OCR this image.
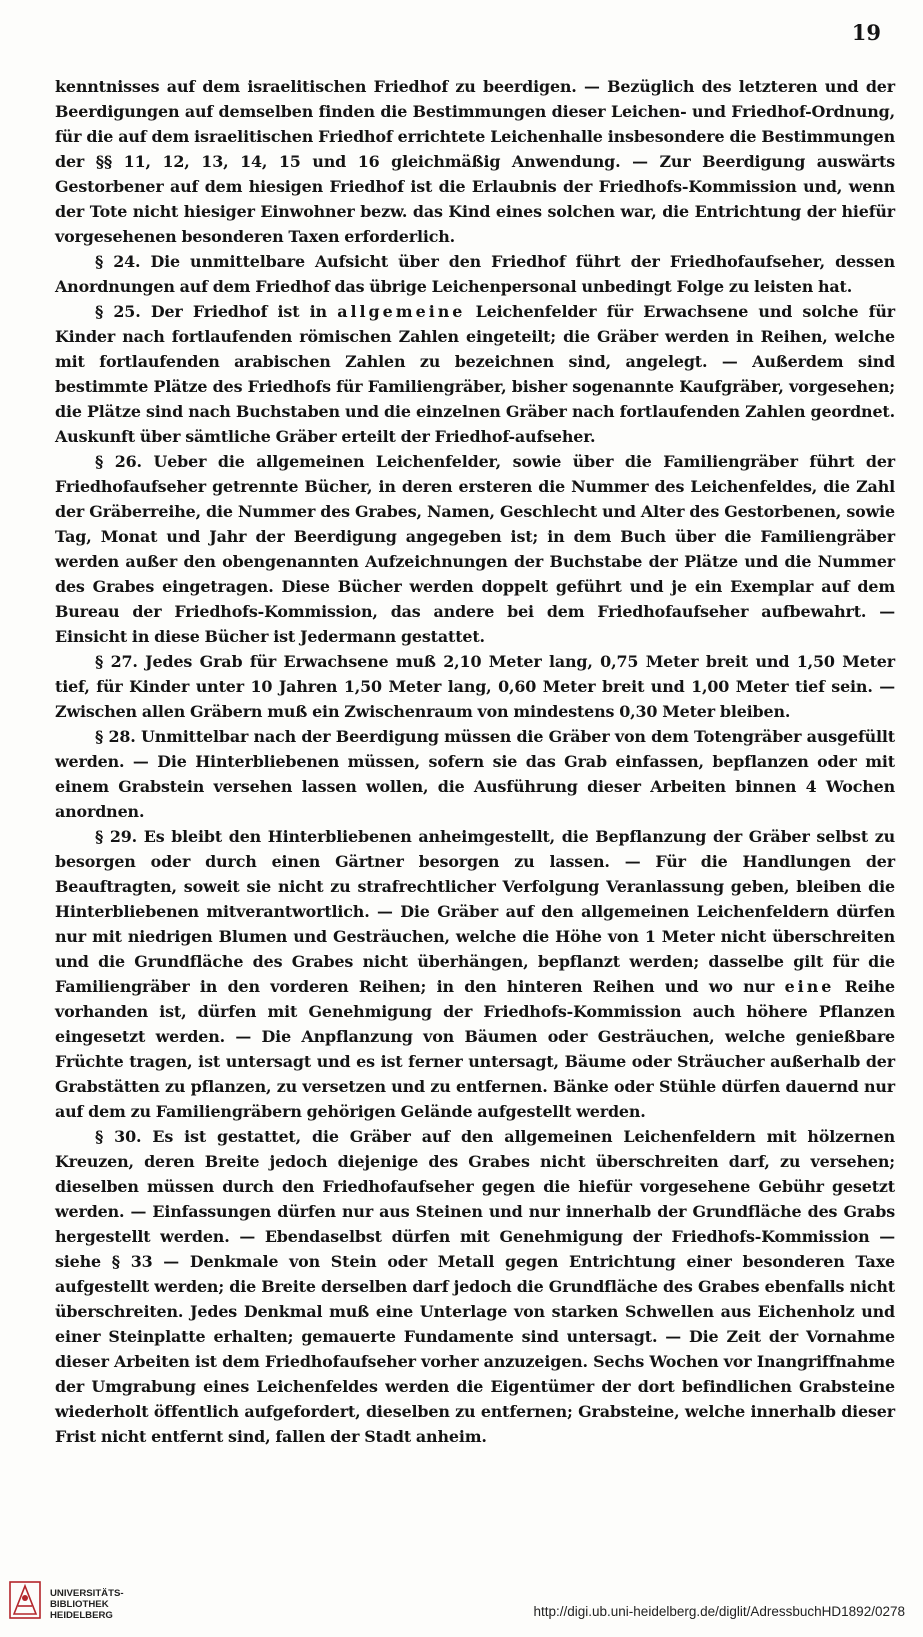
19

kenntnisses auf dem israelitischen Friedhof zu beerdigen. — Bezüglich des letzteren und der Beerdigungen auf demselben finden die Bestimmungen dieser Leichen- und Friedhof-Ordnung, für die auf dem israelitischen Friedhof errichtete Leichenhalle insbesondere die Bestimmungen der §§ 11, 12, 13, 14, 15 und 16 gleichmäßig Anwendung. — Zur Beerdigung auswärts Gestorbener auf dem hiesigen Friedhof ist die Erlaubnis der Friedhofs-Kommission und, wenn der Tote nicht hiesiger Einwohner bezw. das Kind eines solchen war, die Entrichtung der hiefür vorgesehenen besonderen Taxen erforderlich.

§ 24. Die unmittelbare Aufsicht über den Friedhof führt der Friedhofaufseher, dessen Anordnungen auf dem Friedhof das übrige Leichenpersonal unbedingt Folge zu leisten hat.

§ 25. Der Friedhof ist in allgemeine Leichenfelder für Erwachsene und solche für Kinder nach fortlaufenden römischen Zahlen eingeteilt; die Gräber werden in Reihen, welche mit fortlaufenden arabischen Zahlen zu bezeichnen sind, angelegt. — Außerdem sind bestimmte Plätze des Friedhofs für Familiengräber, bisher sogenannte Kaufgräber, vorgesehen; die Plätze sind nach Buchstaben und die einzelnen Gräber nach fortlaufenden Zahlen geordnet. Auskunft über sämtliche Gräber erteilt der Friedhof-aufseher.

§ 26. Ueber die allgemeinen Leichenfelder, sowie über die Familiengräber führt der Friedhofaufseher getrennte Bücher, in deren ersteren die Nummer des Leichenfeldes, die Zahl der Gräberreihe, die Nummer des Grabes, Namen, Geschlecht und Alter des Gestorbenen, sowie Tag, Monat und Jahr der Beerdigung angegeben ist; in dem Buch über die Familiengräber werden außer den obengenannten Aufzeichnungen der Buchstabe der Plätze und die Nummer des Grabes eingetragen. Diese Bücher werden doppelt geführt und je ein Exemplar auf dem Bureau der Friedhofs-Kommission, das andere bei dem Friedhofaufseher aufbewahrt. — Einsicht in diese Bücher ist Jedermann gestattet.

§ 27. Jedes Grab für Erwachsene muß 2,10 Meter lang, 0,75 Meter breit und 1,50 Meter tief, für Kinder unter 10 Jahren 1,50 Meter lang, 0,60 Meter breit und 1,00 Meter tief sein. — Zwischen allen Gräbern muß ein Zwischenraum von mindestens 0,30 Meter bleiben.

§ 28. Unmittelbar nach der Beerdigung müssen die Gräber von dem Totengräber ausgefüllt werden. — Die Hinterbliebenen müssen, sofern sie das Grab einfassen, bepflanzen oder mit einem Grabstein versehen lassen wollen, die Ausführung dieser Arbeiten binnen 4 Wochen anordnen.

§ 29. Es bleibt den Hinterbliebenen anheimgestellt, die Bepflanzung der Gräber selbst zu besorgen oder durch einen Gärtner besorgen zu lassen. — Für die Handlungen der Beauftragten, soweit sie nicht zu strafrechtlicher Verfolgung Veranlassung geben, bleiben die Hinterbliebenen mitverantwortlich. — Die Gräber auf den allgemeinen Leichenfeldern dürfen nur mit niedrigen Blumen und Gesträuchen, welche die Höhe von 1 Meter nicht überschreiten und die Grundfläche des Grabes nicht überhängen, bepflanzt werden; dasselbe gilt für die Familiengräber in den vorderen Reihen; in den hinteren Reihen und wo nur eine Reihe vorhanden ist, dürfen mit Genehmigung der Friedhofs-Kommission auch höhere Pflanzen eingesetzt werden. — Die Anpflanzung von Bäumen oder Gesträuchen, welche genießbare Früchte tragen, ist untersagt und es ist ferner untersagt, Bäume oder Sträucher außerhalb der Grabstätten zu pflanzen, zu versetzen und zu entfernen. Bänke oder Stühle dürfen dauernd nur auf dem zu Familiengräbern gehörigen Gelände aufgestellt werden.

§ 30. Es ist gestattet, die Gräber auf den allgemeinen Leichenfeldern mit hölzernen Kreuzen, deren Breite jedoch diejenige des Grabes nicht überschreiten darf, zu versehen; dieselben müssen durch den Friedhofaufseher gegen die hiefür vorgesehene Gebühr gesetzt werden. — Einfassungen dürfen nur aus Steinen und nur innerhalb der Grundfläche des Grabs hergestellt werden. — Ebendaselbst dürfen mit Genehmigung der Friedhofs-Kommission — siehe § 33 — Denkmale von Stein oder Metall gegen Entrichtung einer besonderen Taxe aufgestellt werden; die Breite derselben darf jedoch die Grundfläche des Grabes ebenfalls nicht überschreiten. Jedes Denkmal muß eine Unterlage von starken Schwellen aus Eichenholz und einer Steinplatte erhalten; gemauerte Fundamente sind untersagt. — Die Zeit der Vornahme dieser Arbeiten ist dem Friedhofaufseher vorher anzuzeigen. Sechs Wochen vor Inangriffnahme der Umgrabung eines Leichenfeldes werden die Eigentümer der dort befindlichen Grabsteine wiederholt öffentlich aufgefordert, dieselben zu entfernen; Grabsteine, welche innerhalb dieser Frist nicht entfernt sind, fallen der Stadt anheim.

UNIVERSITÄTS-
BIBLIOTHEK
HEIDELBERG	http://digi.ub.uni-heidelberg.de/diglit/AdressbuchHD1892/0278
